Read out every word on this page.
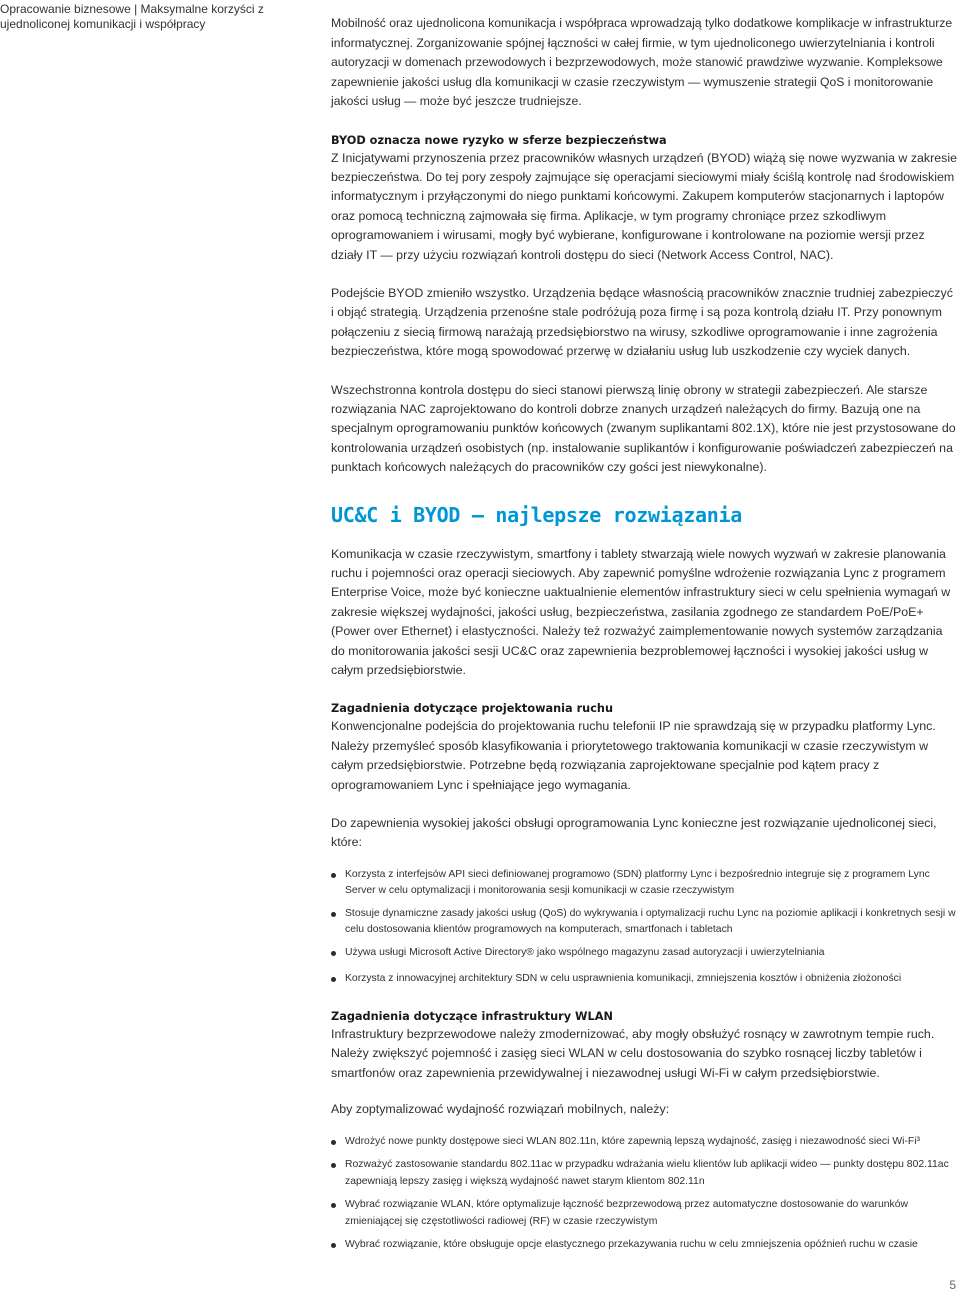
Opracowanie biznesowe | Maksymalne korzyści z ujednoliconej komunikacji i współpracy	Mobilność oraz ujednolicona komunikacja i współpraca wprowadzają tylko dodatkowe komplikacje w infrastrukturze informatycznej. Zorganizowanie spójnej łączności w całej firmie, w tym ujednoliconego uwierzytelniania i kontroli autoryzacji w domenach przewodowych i bezprzewodowych, może stanowić prawdziwe wyzwanie. Kompleksowe zapewnienie jakości usług dla komunikacji w czasie rzeczywistym — wymuszenie strategii QoS i monitorowanie jakości usług — może być jeszcze trudniejsze.

BYOD oznacza nowe ryzyko w sferze bezpieczeństwa

Z Inicjatywami przynoszenia przez pracowników własnych urządzeń (BYOD) wiążą się nowe wyzwania w zakresie bezpieczeństwa. Do tej pory zespoły zajmujące się operacjami sieciowymi miały ściślą kontrolę nad środowiskiem informatycznym i przyłączonymi do niego punktami końcowymi. Zakupem komputerów stacjonarnych i laptopów oraz pomocą techniczną zajmowała się firma. Aplikacje, w tym programy chroniące przez szkodliwym oprogramowaniem i wirusami, mogły być wybierane, konfigurowane i kontrolowane na poziomie wersji przez działy IT — przy użyciu rozwiązań kontroli dostępu do sieci (Network Access Control, NAC).

Podejście BYOD zmieniło wszystko. Urządzenia będące własnością pracowników znacznie trudniej zabezpieczyć i objąć strategią. Urządzenia przenośne stale podróżują poza firmę i są poza kontrolą działu IT. Przy ponownym połączeniu z siecią firmową narażają przedsiębiorstwo na wirusy, szkodliwe oprogramowanie i inne zagrożenia bezpieczeństwa, które mogą spowodować przerwę w działaniu usług lub uszkodzenie czy wyciek danych.

Wszechstronna kontrola dostępu do sieci stanowi pierwszą linię obrony w strategii zabezpieczeń. Ale starsze rozwiązania NAC zaprojektowano do kontroli dobrze znanych urządzeń należących do firmy. Bazują one na specjalnym oprogramowaniu punktów końcowych (zwanym suplikantami 802.1X), które nie jest przystosowane do kontrolowania urządzeń osobistych (np. instalowanie suplikantów i konfigurowanie poświadczeń zabezpieczeń na punktach końcowych należących do pracowników czy gości jest niewykonalne).

UC&C i BYOD — najlepsze rozwiązania

Komunikacja w czasie rzeczywistym, smartfony i tablety stwarzają wiele nowych wyzwań w zakresie planowania ruchu i pojemności oraz operacji sieciowych. Aby zapewnić pomyślne wdrożenie rozwiązania Lync z programem Enterprise Voice, może być konieczne uaktualnienie elementów infrastruktury sieci w celu spełnienia wymagań w zakresie większej wydajności, jakości usług, bezpieczeństwa, zasilania zgodnego ze standardem PoE/PoE+ (Power over Ethernet) i elastyczności. Należy też rozważyć zaimplementowanie nowych systemów zarządzania do monitorowania jakości sesji UC&C oraz zapewnienia bezproblemowej łączności i wysokiej jakości usług w całym przedsiębiorstwie.

Zagadnienia dotyczące projektowania ruchu

Konwencjonalne podejścia do projektowania ruchu telefonii IP nie sprawdzają się w przypadku platformy Lync. Należy przemyśleć sposób klasyfikowania i priorytetowego traktowania komunikacji w czasie rzeczywistym w całym przedsiębiorstwie. Potrzebne będą rozwiązania zaprojektowane specjalnie pod kątem pracy z oprogramowaniem Lync i spełniające jego wymagania.

Do zapewnienia wysokiej jakości obsługi oprogramowania Lync konieczne jest rozwiązanie ujednoliconej sieci, które:

Korzysta z interfejsów API sieci definiowanej programowo (SDN) platformy Lync i bezpośrednio integruje się z programem Lync Server w celu optymalizacji i monitorowania sesji komunikacji w czasie rzeczywistym
Stosuje dynamiczne zasady jakości usług (QoS) do wykrywania i optymalizacji ruchu Lync na poziomie aplikacji i konkretnych sesji w celu dostosowania klientów programowych na komputerach, smartfonach i tabletach
Używa usługi Microsoft Active Directory® jako wspólnego magazynu zasad autoryzacji i uwierzytelniania
Korzysta z innowacyjnej architektury SDN w celu usprawnienia komunikacji, zmniejszenia kosztów i obniżenia złożoności

Zagadnienia dotyczące infrastruktury WLAN

Infrastruktury bezprzewodowe należy zmodernizować, aby mogły obsłużyć rosnący w zawrotnym tempie ruch. Należy zwiększyć pojemność i zasięg sieci WLAN w celu dostosowania do szybko rosnącej liczby tabletów i smartfonów oraz zapewnienia przewidywalnej i niezawodnej usługi Wi-Fi w całym przedsiębiorstwie.

Aby zoptymalizować wydajność rozwiązań mobilnych, należy:

Wdrożyć nowe punkty dostępowe sieci WLAN 802.11n, które zapewnią lepszą wydajność, zasięg i niezawodność sieci Wi-Fi³
Rozważyć zastosowanie standardu 802.11ac w przypadku wdrażania wielu klientów lub aplikacji wideo — punkty dostępu 802.11ac zapewniają lepszy zasięg i większą wydajność nawet starym klientom 802.11n
Wybrać rozwiązanie WLAN, które optymalizuje łączność bezprzewodową przez automatyczne dostosowanie do warunków zmieniającej się częstotliwości radiowej (RF) w czasie rzeczywistym
Wybrać rozwiązanie, które obsługuje opcje elastycznego przekazywania ruchu w celu zmniejszenia opóźnień ruchu w czasie
5
